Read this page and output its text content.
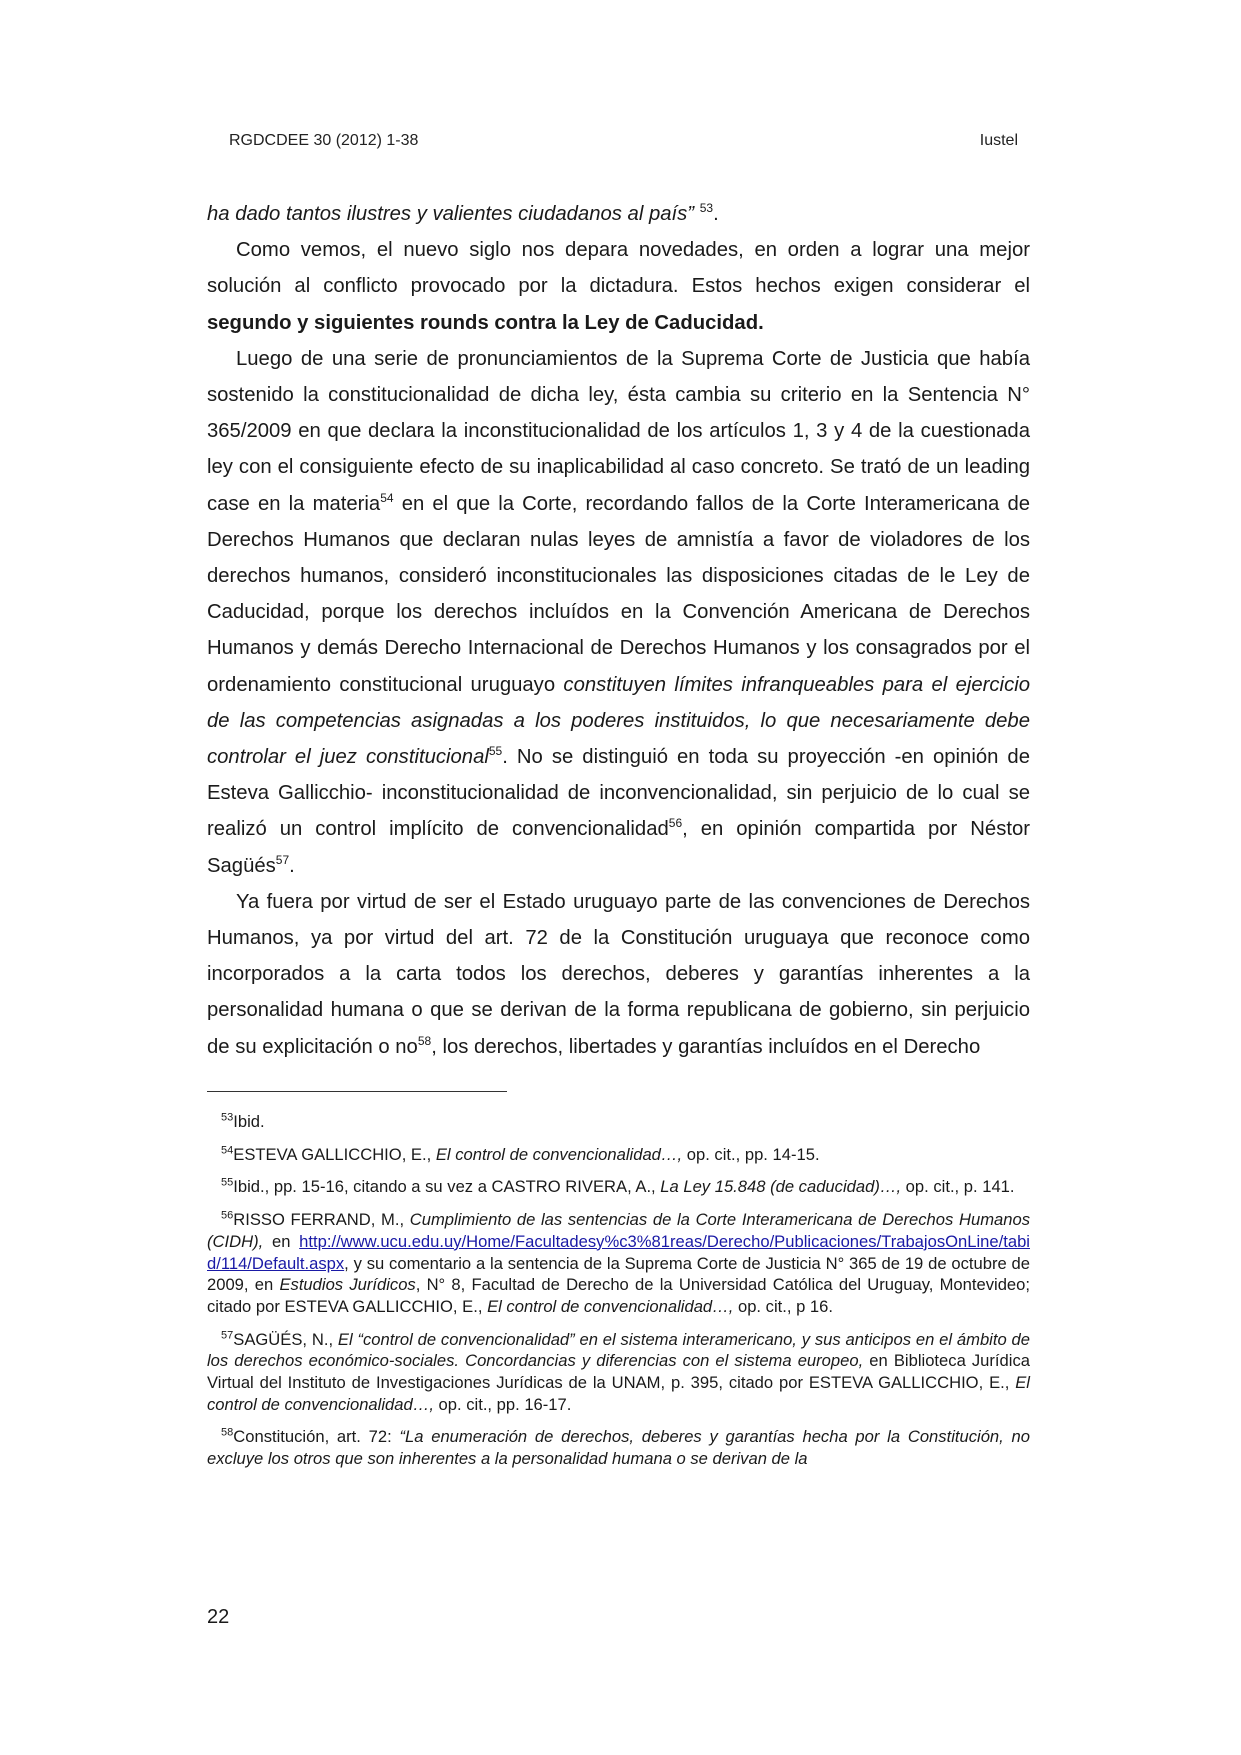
RGDCDEE 30 (2012) 1-38	Iustel

ha dado tantos ilustres y valientes ciudadanos al país” $^{53}$.

Como vemos, el nuevo siglo nos depara novedades, en orden a lograr una mejor solución al conflicto provocado por la dictadura. Estos hechos exigen considerar el segundo y siguientes rounds contra la Ley de Caducidad.

Luego de una serie de pronunciamientos de la Suprema Corte de Justicia que había sostenido la constitucionalidad de dicha ley, ésta cambia su criterio en la Sentencia N° 365/2009 en que declara la inconstitucionalidad de los artículos 1, 3 y 4 de la cuestionada ley con el consiguiente efecto de su inaplicabilidad al caso concreto. Se trató de un leading case en la materia$^{54}$ en el que la Corte, recordando fallos de la Corte Interamericana de Derechos Humanos que declaran nulas leyes de amnistía a favor de violadores de los derechos humanos, consideró inconstitucionales las disposiciones citadas de le Ley de Caducidad, porque los derechos incluídos en la Convención Americana de Derechos Humanos y demás Derecho Internacional de Derechos Humanos y los consagrados por el ordenamiento constitucional uruguayo constituyen límites infranqueables para el ejercicio de las competencias asignadas a los poderes instituidos, lo que necesariamente debe controlar el juez constitucional$^{55}$. No se distinguió en toda su proyección -en opinión de Esteva Gallicchio- inconstitucionalidad de inconvencionalidad, sin perjuicio de lo cual se realizó un control implícito de convencionalidad$^{56}$, en opinión compartida por Néstor Sagüés$^{57}$.

Ya fuera por virtud de ser el Estado uruguayo parte de las convenciones de Derechos Humanos, ya por virtud del art. 72 de la Constitución uruguaya que reconoce como incorporados a la carta todos los derechos, deberes y garantías inherentes a la personalidad humana o que se derivan de la forma republicana de gobierno, sin perjuicio de su explicitación o $no^{58}$, los derechos, libertades y garantías incluídos en el Derecho

$^{53}$Ibid.

$^{54}$ESTEVA GALLICCHIO, E., El control de convencionalidad…, op. cit., pp. 14-15.

$^{55}$Ibid., pp. 15-16, citando a su vez a CASTRO RIVERA, A., La Ley 15.848 (de caducidad)…, op. cit., p. 141.

$^{56}$RISSO FERRAND, M., Cumplimiento de las sentencias de la Corte Interamericana de Derechos Humanos (CIDH), en http://www.ucu.edu.uy/Home/Facultadesy%c3%81reas/Derecho/Publicaciones/TrabajosOnLine/tabid/114/Default.aspx, y su comentario a la sentencia de la Suprema Corte de Justicia N° 365 de 19 de octubre de 2009, en Estudios Jurídicos, N° 8, Facultad de Derecho de la Universidad Católica del Uruguay, Montevideo; citado por ESTEVA GALLICCHIO, E., El control de convencionalidad…, op. cit., p 16.

$^{57}$SAGÜÉS, N., El “control de convencionalidad” en el sistema interamericano, y sus anticipos en el ámbito de los derechos económico-sociales. Concordancias y diferencias con el sistema europeo, en Biblioteca Jurídica Virtual del Instituto de Investigaciones Jurídicas de la UNAM, p. 395, citado por ESTEVA GALLICCHIO, E., El control de convencionalidad…, op. cit., pp. 16-17.

$^{58}$Constitución, art. 72: “La enumeración de derechos, deberes y garantías hecha por la Constitución, no excluye los otros que son inherentes a la personalidad humana o se derivan de la

22
